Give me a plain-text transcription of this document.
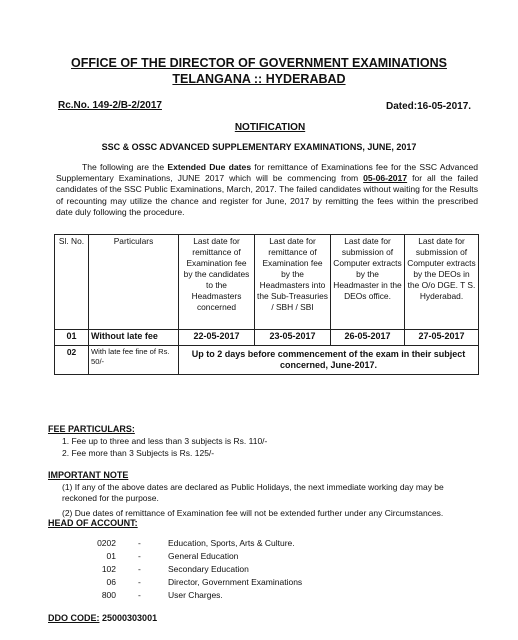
OFFICE OF THE DIRECTOR OF GOVERNMENT EXAMINATIONS
TELANGANA :: HYDERABAD
Rc.No. 149-2/B-2/2017	Dated:16-05-2017.
NOTIFICATION
SSC & OSSC ADVANCED SUPPLEMENTARY EXAMINATIONS, JUNE, 2017
The following are the Extended Due dates for remittance of Examinations fee for the SSC Advanced Supplementary Examinations, JUNE 2017 which will be commencing from 05-06-2017 for all the failed candidates of the SSC Public Examinations, March, 2017. The failed candidates without waiting for the Results of recounting may utilize the chance and register for June, 2017 by remitting the fees within the prescribed date duly following the procedure.
Sl. No.	Particulars	Last date for remittance of Examination fee by the candidates to the Headmasters concerned	Last date for remittance of Examination fee by the Headmasters into the Sub-Treasuries / SBH / SBI	Last date for submission of Computer extracts by the Headmaster in the DEOs office.	Last date for submission of Computer extracts by the DEOs in the O/o DGE. T S. Hyderabad.
01	Without late fee	22-05-2017	23-05-2017	26-05-2017	27-05-2017
02	With late fee fine of Rs. 50/-	Up to 2 days before commencement of the exam in their subject concerned, June-2017.			
FEE PARTICULARS:
1. Fee up to three and less than 3 subjects is Rs. 110/-
2. Fee more than 3 Subjects is Rs. 125/-
IMPORTANT NOTE
(1) If any of the above dates are declared as Public Holidays, the next immediate working day may be reckoned for the purpose.
(2) Due dates of remittance of Examination fee will not be extended further under any Circumstances.
HEAD OF ACCOUNT:
0202	-	Education, Sports, Arts & Culture.
01	-	General Education
102	-	Secondary Education
06	-	Director, Government Examinations
800	-	User Charges.
DDO CODE: 25000303001
